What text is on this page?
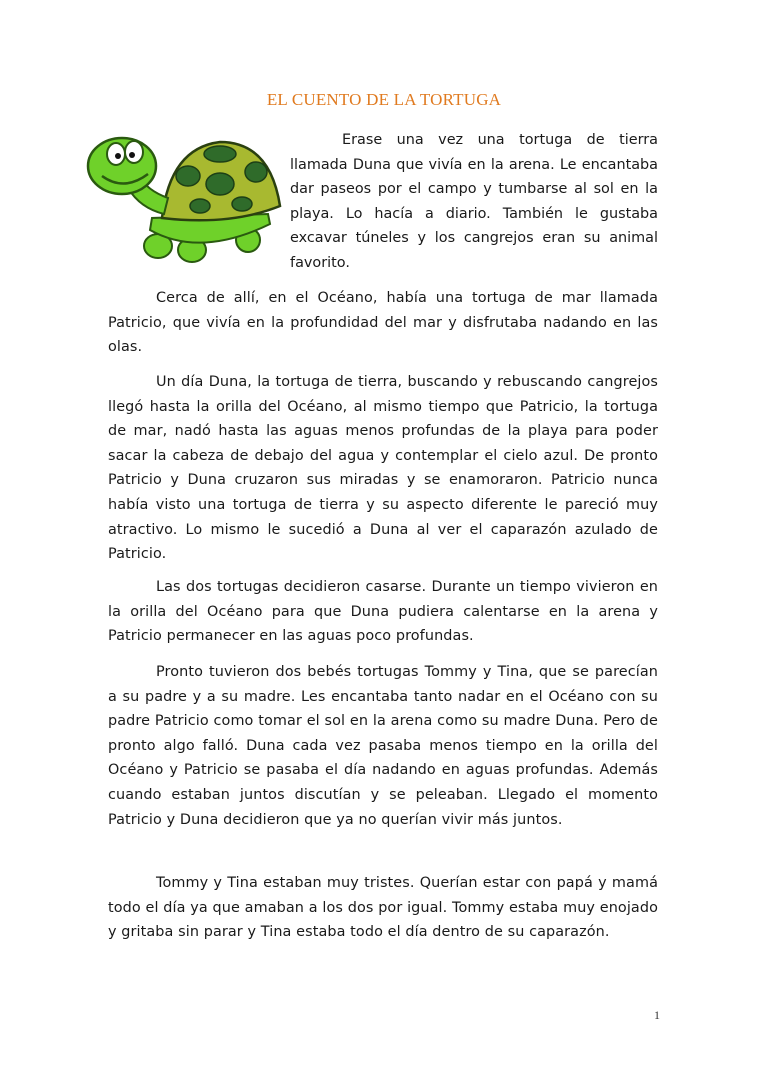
EL CUENTO DE LA TORTUGA

Erase una vez una tortuga de tierra llamada Duna que vivía en la arena. Le encantaba dar paseos por el campo y tumbarse al sol en la playa. Lo hacía a diario. También le gustaba excavar túneles y los cangrejos eran su animal favorito.

Cerca de allí, en el Océano, había una tortuga de mar llamada Patricio, que vivía en la profundidad del mar y disfrutaba nadando en las olas.

Un día Duna, la tortuga de tierra, buscando y rebuscando cangrejos llegó hasta la orilla del Océano, al mismo tiempo que Patricio, la tortuga de mar, nadó hasta las aguas menos profundas de la playa para poder sacar la cabeza de debajo del agua y contemplar el cielo azul. De pronto Patricio y Duna cruzaron sus miradas y se enamoraron. Patricio nunca había visto una tortuga de tierra y su aspecto diferente le pareció muy atractivo. Lo mismo le sucedió a Duna al ver el caparazón azulado de Patricio.

Las dos tortugas decidieron casarse. Durante un tiempo vivieron en la orilla del Océano para que Duna pudiera calentarse en la arena y Patricio permanecer en las aguas poco profundas.

Pronto tuvieron dos bebés tortugas Tommy y Tina, que se parecían a su padre y a su madre. Les encantaba tanto nadar en el Océano con su padre Patricio como tomar el sol en la arena como su madre Duna. Pero de pronto algo falló. Duna cada vez pasaba menos tiempo en la orilla del Océano y Patricio se pasaba el día nadando en aguas profundas. Además cuando estaban juntos discutían y se peleaban. Llegado el momento Patricio y Duna decidieron que ya no querían vivir más juntos.

Tommy y Tina estaban muy tristes. Querían estar con papá y mamá todo el día ya que amaban a los dos por igual. Tommy estaba muy enojado y gritaba sin parar y Tina estaba todo el día dentro de su caparazón.

1
